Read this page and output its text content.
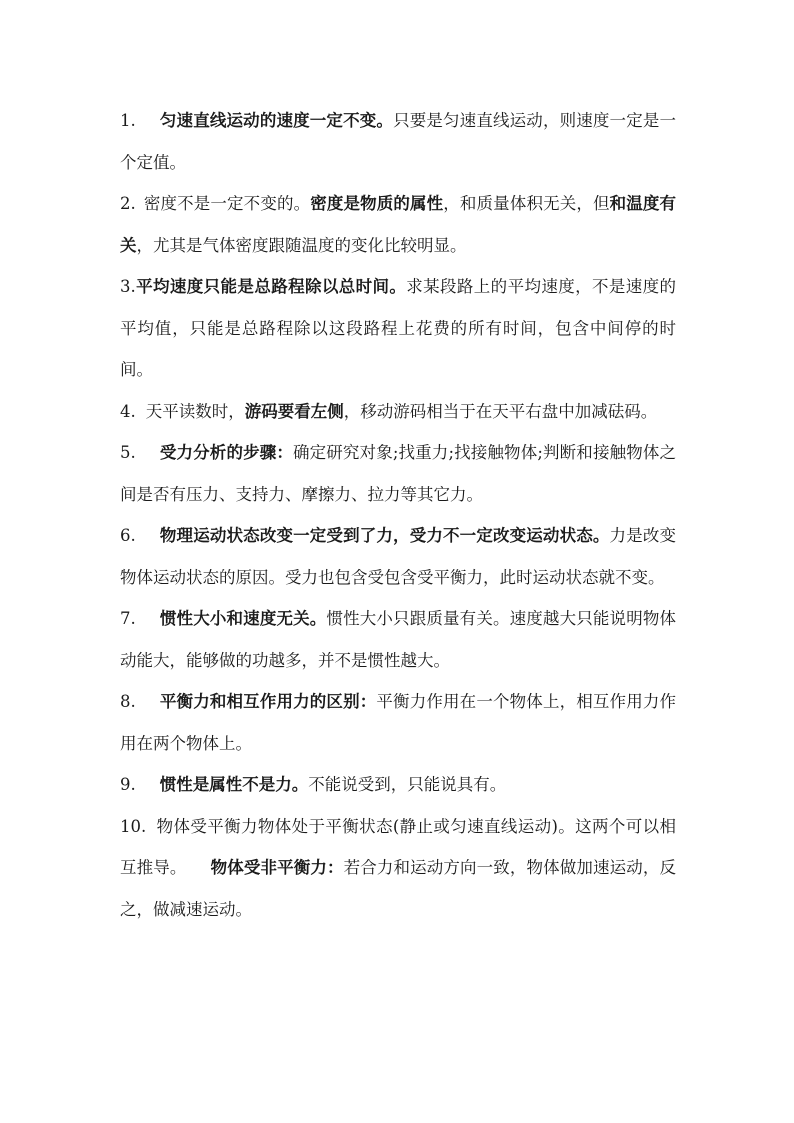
1. 匀速直线运动的速度一定不变。只要是匀速直线运动，则速度一定是一个定值。

2. 密度不是一定不变的。密度是物质的属性，和质量体积无关，但和温度有关，尤其是气体密度跟随温度的变化比较明显。

3.平均速度只能是总路程除以总时间。求某段路上的平均速度，不是速度的平均值，只能是总路程除以这段路程上花费的所有时间，包含中间停的时间。

4. 天平读数时，游码要看左侧，移动游码相当于在天平右盘中加减砝码。

5. 受力分析的步骤：确定研究对象;找重力;找接触物体;判断和接触物体之间是否有压力、支持力、摩擦力、拉力等其它力。

6. 物理运动状态改变一定受到了力，受力不一定改变运动状态。力是改变物体运动状态的原因。受力也包含受包含受平衡力，此时运动状态就不变。

7. 惯性大小和速度无关。惯性大小只跟质量有关。速度越大只能说明物体动能大，能够做的功越多，并不是惯性越大。

8. 平衡力和相互作用力的区别：平衡力作用在一个物体上，相互作用力作用在两个物体上。

9. 惯性是属性不是力。不能说受到，只能说具有。

10. 物体受平衡力物体处于平衡状态(静止或匀速直线运动)。这两个可以相互推导。 物体受非平衡力：若合力和运动方向一致，物体做加速运动，反之，做减速运动。
